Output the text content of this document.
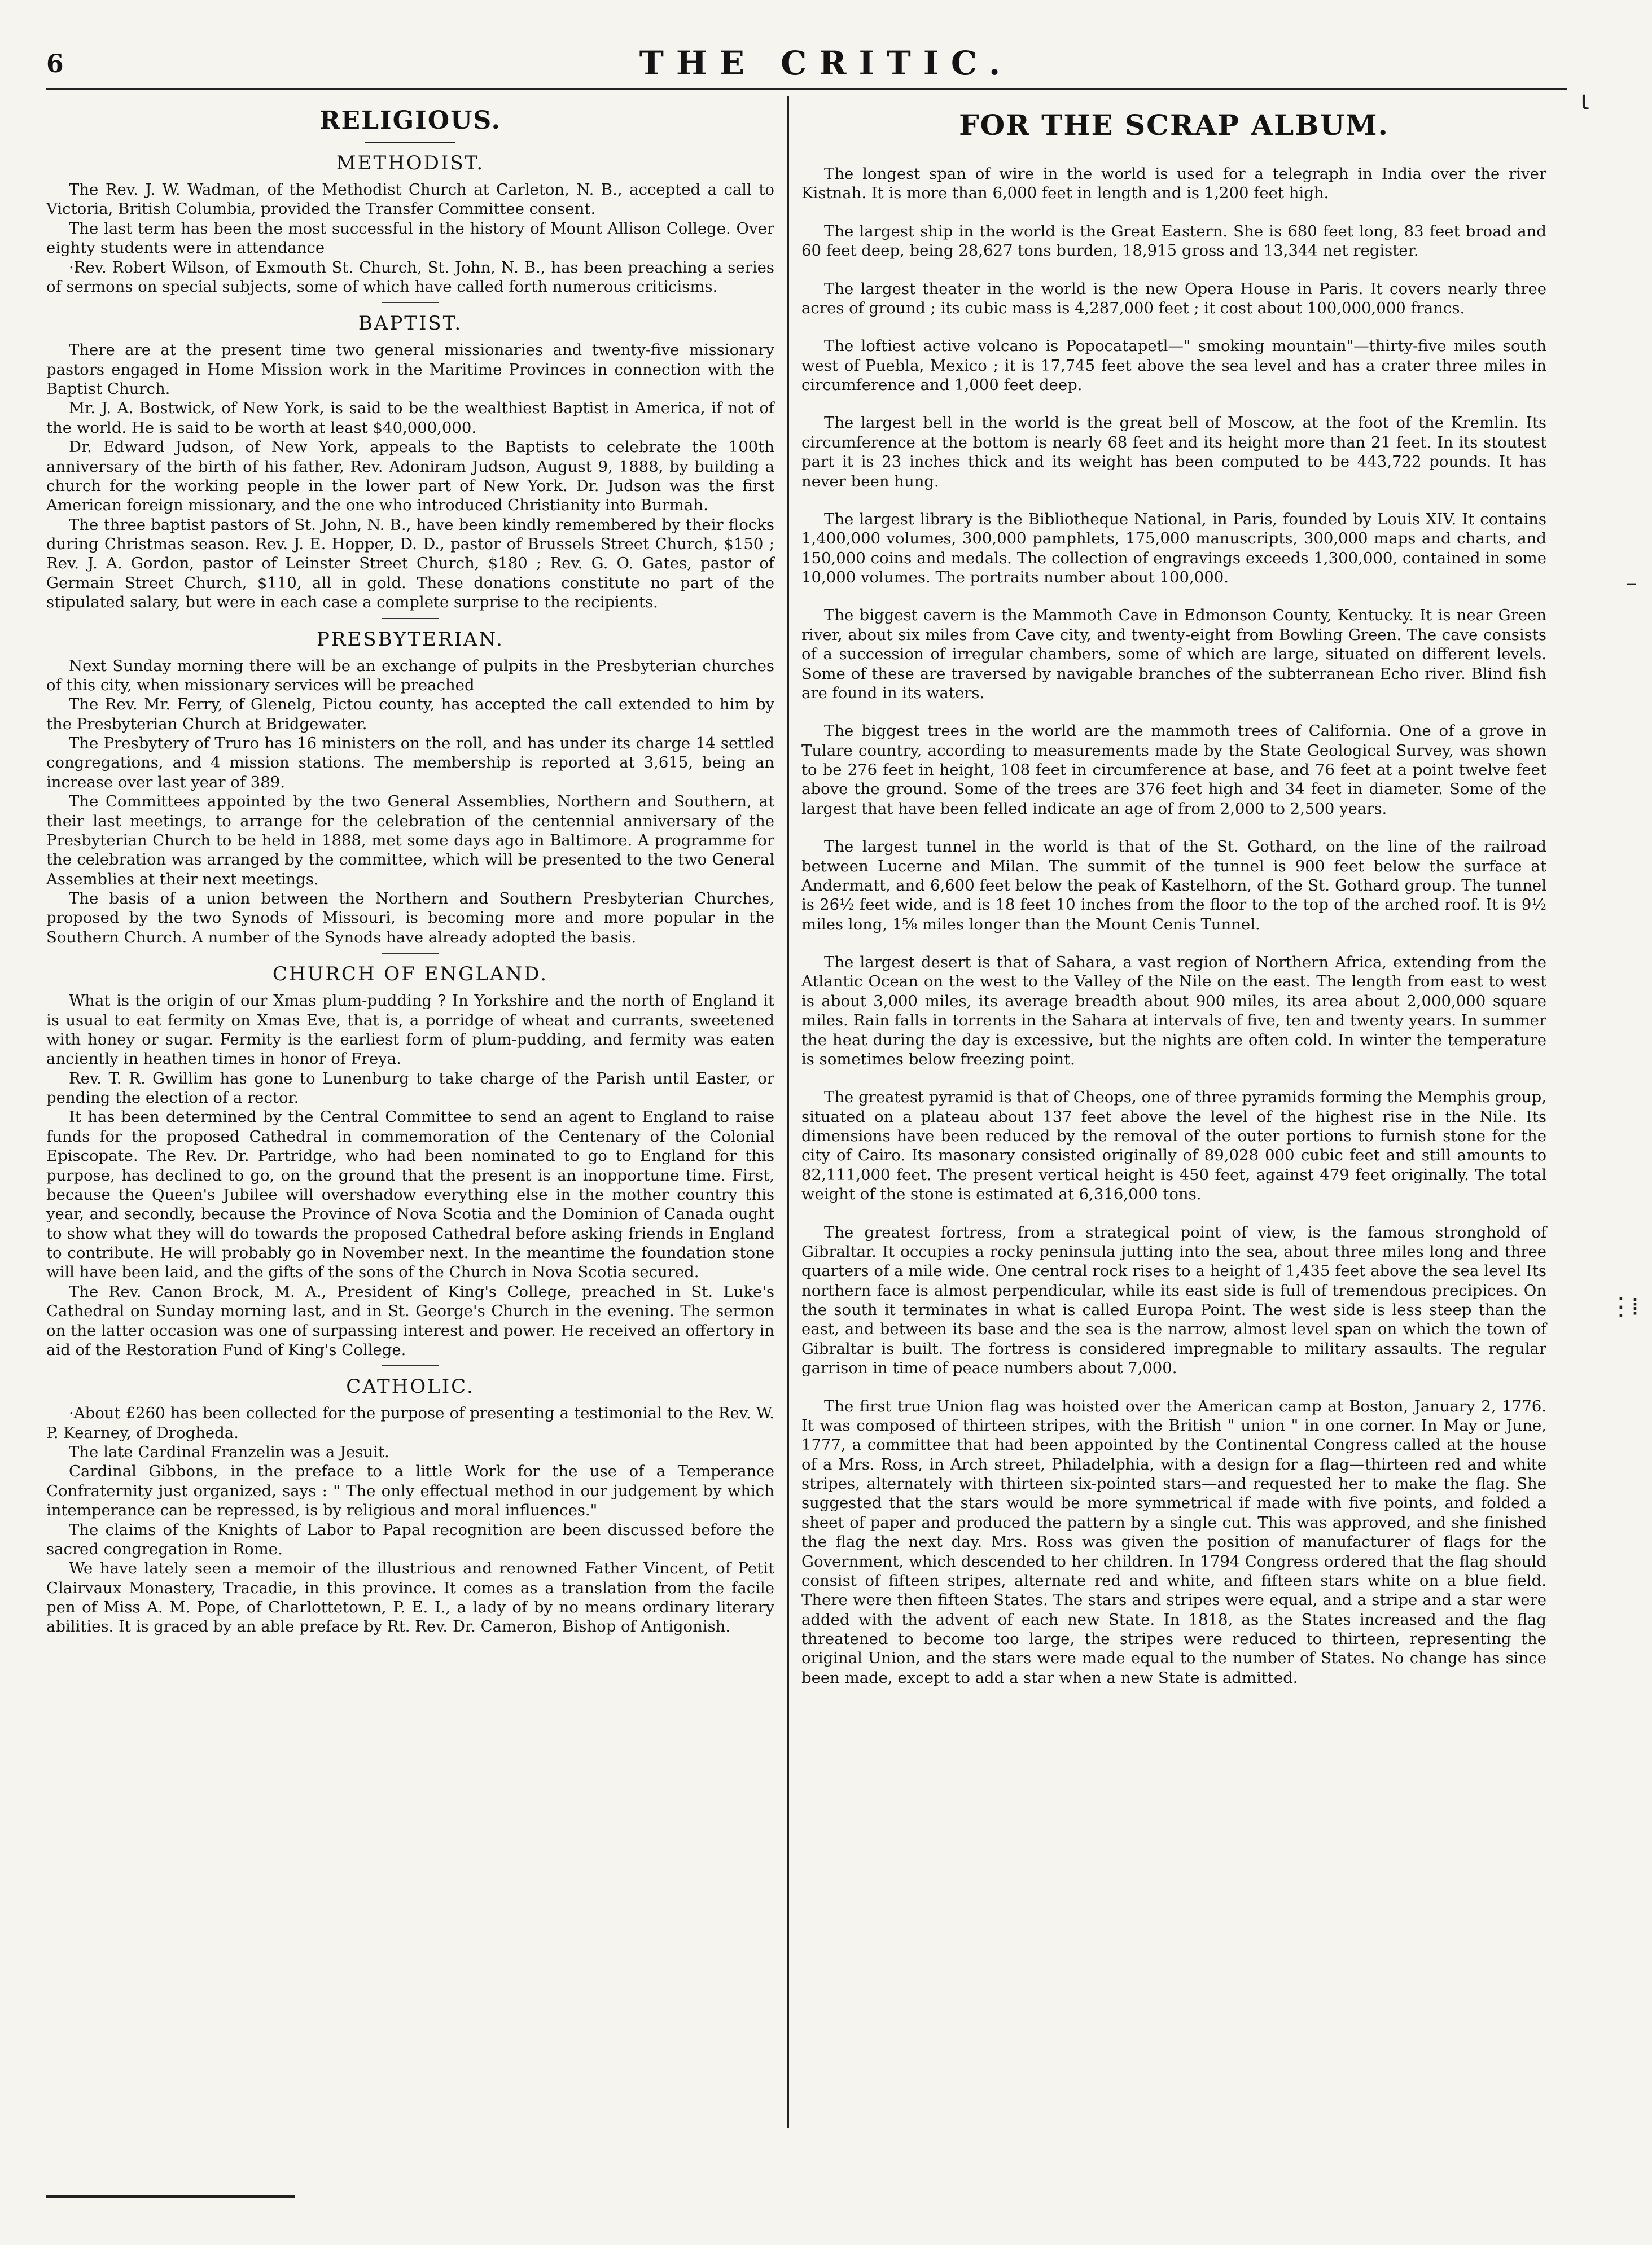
6	THE CRITIC.
RELIGIOUS.
METHODIST.

The Rev. J. W. Wadman, of the Methodist Church at Carleton, N. B., accepted a call to Victoria, British Columbia, provided the Transfer Committee consent.

The last term has been the most successful in the history of Mount Allison College. Over eighty students were in attendance

·Rev. Robert Wilson, of Exmouth St. Church, St. John, N. B., has been preaching a series of sermons on special subjects, some of which have called forth numerous criticisms.

BAPTIST.

There are at the present time two general missionaries and twenty-five missionary pastors engaged in Home Mission work in the Maritime Provinces in connection with the Baptist Church.

Mr. J. A. Bostwick, of New York, is said to be the wealthiest Baptist in America, if not of the world. He is said to be worth at least $40,000,000.

Dr. Edward Judson, of New York, appeals to the Baptists to celebrate the 100th anniversary of the birth of his father, Rev. Adoniram Judson, August 9, 1888, by building a church for the working people in the lower part of New York. Dr. Judson was the first American foreign missionary, and the one who introduced Christianity into Burmah.

The three baptist pastors of St. John, N. B., have been kindly remembered by their flocks during Christmas season. Rev. J. E. Hopper, D. D., pastor of Brussels Street Church, $150 ; Rev. J. A. Gordon, pastor of Leinster Street Church, $180 ; Rev. G. O. Gates, pastor of Germain Street Church, $110, all in gold. These donations constitute no part of the stipulated salary, but were in each case a complete surprise to the recipients.

PRESBYTERIAN.

Next Sunday morning there will be an exchange of pulpits in the Presbyterian churches of this city, when missionary services will be preached

The Rev. Mr. Ferry, of Glenelg, Pictou county, has accepted the call extended to him by the Presbyterian Church at Bridgewater.

The Presbytery of Truro has 16 ministers on the roll, and has under its charge 14 settled congregations, and 4 mission stations. The membership is reported at 3,615, being an increase over last year of 389.

The Committees appointed by the two General Assemblies, Northern and Southern, at their last meetings, to arrange for the celebration of the centennial anniversary of the Presbyterian Church to be held in 1888, met some days ago in Baltimore. A programme for the celebration was arranged by the committee, which will be presented to the two General Assemblies at their next meetings.

The basis of a union between the Northern and Southern Presbyterian Churches, proposed by the two Synods of Missouri, is becoming more and more popular in the Southern Church. A number of the Synods have already adopted the basis.

CHURCH OF ENGLAND.

What is the origin of our Xmas plum-pudding ? In Yorkshire and the north of England it is usual to eat fermity on Xmas Eve, that is, a porridge of wheat and currants, sweetened with honey or sugar. Fermity is the earliest form of plum-pudding, and fermity was eaten anciently in heathen times in honor of Freya.

Rev. T. R. Gwillim has gone to Lunenburg to take charge of the Parish until Easter, or pending the election of a rector.

It has been determined by the Central Committee to send an agent to England to raise funds for the proposed Cathedral in commemoration of the Centenary of the Colonial Episcopate. The Rev. Dr. Partridge, who had been nominated to go to England for this purpose, has declined to go, on the ground that the present is an inopportune time. First, because the Queen's Jubilee will overshadow everything else in the mother country this year, and secondly, because the Province of Nova Scotia and the Dominion of Canada ought to show what they will do towards the proposed Cathedral before asking friends in England to contribute. He will probably go in November next. In the meantime the foundation stone will have been laid, and the gifts of the sons of the Church in Nova Scotia secured.

The Rev. Canon Brock, M. A., President of King's College, preached in St. Luke's Cathedral on Sunday morning last, and in St. George's Church in the evening. The sermon on the latter occasion was one of surpassing interest and power. He received an offertory in aid of the Restoration Fund of King's College.

CATHOLIC.

·About £260 has been collected for the purpose of presenting a testimonial to the Rev. W. P. Kearney, of Drogheda.

The late Cardinal Franzelin was a Jesuit.

Cardinal Gibbons, in the preface to a little Work for the use of a Temperance Confraternity just organized, says : " The only effectual method in our judgement by which intemperance can be repressed, is by religious and moral influences."

The claims of the Knights of Labor to Papal recognition are been discussed before the sacred congregation in Rome.

We have lately seen a memoir of the illustrious and renowned Father Vincent, of Petit Clairvaux Monastery, Tracadie, in this province. It comes as a translation from the facile pen of Miss A. M. Pope, of Charlottetown, P. E. I., a lady of by no means ordinary literary abilities. It is graced by an able preface by Rt. Rev. Dr. Cameron, Bishop of Antigonish.

FOR THE SCRAP ALBUM.

The longest span of wire in the world is used for a telegraph in India over the river Kistnah. It is more than 6,000 feet in length and is 1,200 feet high.

The largest ship in the world is the Great Eastern. She is 680 feet long, 83 feet broad and 60 feet deep, being 28,627 tons burden, 18,915 gross and 13,344 net register.

The largest theater in the world is the new Opera House in Paris. It covers nearly three acres of ground ; its cubic mass is 4,287,000 feet ; it cost about 100,000,000 francs.

The loftiest active volcano is Popocatapetl—" smoking mountain"—thirty-five miles south west of Puebla, Mexico ; it is 17,745 feet above the sea level and has a crater three miles in circumference and 1,000 feet deep.

The largest bell in the world is the great bell of Moscow, at the foot of the Kremlin. Its circumference at the bottom is nearly 68 feet and its height more than 21 feet. In its stoutest part it is 23 inches thick and its weight has been computed to be 443,722 pounds. It has never been hung.

The largest library is the Bibliotheque National, in Paris, founded by Louis XIV. It contains 1,400,000 volumes, 300,000 pamphlets, 175,000 manuscripts, 300,000 maps and charts, and 150,000 coins and medals. The collection of engravings exceeds 1,300,000, contained in some 10,000 volumes. The portraits number about 100,000.

The biggest cavern is the Mammoth Cave in Edmonson County, Kentucky. It is near Green river, about six miles from Cave city, and twenty-eight from Bowling Green. The cave consists of a succession of irregular chambers, some of which are large, situated on different levels. Some of these are traversed by navigable branches of the subterranean Echo river. Blind fish are found in its waters.

The biggest trees in the world are the mammoth trees of California. One of a grove in Tulare country, according to measurements made by the State Geological Survey, was shown to be 276 feet in height, 108 feet in circumference at base, and 76 feet at a point twelve feet above the ground. Some of the trees are 376 feet high and 34 feet in diameter. Some of the largest that have been felled indicate an age of from 2,000 to 2,500 years.

The largest tunnel in the world is that of the St. Gothard, on the line of the railroad between Lucerne and Milan. The summit of the tunnel is 900 feet below the surface at Andermatt, and 6,600 feet below the peak of Kastelhorn, of the St. Gothard group. The tunnel is 26½ feet wide, and is 18 feet 10 inches from the floor to the top of the arched roof. It is 9½ miles long, 1⅝ miles longer than the Mount Cenis Tunnel.

The largest desert is that of Sahara, a vast region of Northern Africa, extending from the Atlantic Ocean on the west to the Valley of the Nile on the east. The length from east to west is about 3,000 miles, its average breadth about 900 miles, its area about 2,000,000 square miles. Rain falls in torrents in the Sahara at intervals of five, ten and twenty years. In summer the heat during the day is excessive, but the nights are often cold. In winter the temperature is sometimes below freezing point.

The greatest pyramid is that of Cheops, one of three pyramids forming the Memphis group, situated on a plateau about 137 feet above the level of the highest rise in the Nile. Its dimensions have been reduced by the removal of the outer portions to furnish stone for the city of Cairo. Its masonary consisted originally of 89,028 000 cubic feet and still amounts to 82,111,000 feet. The present vertical height is 450 feet, against 479 feet originally. The total weight of the stone is estimated at 6,316,000 tons.

The greatest fortress, from a strategical point of view, is the famous stronghold of Gibraltar. It occupies a rocky peninsula jutting into the sea, about three miles long and three quarters of a mile wide. One central rock rises to a height of 1,435 feet above the sea level Its northern face is almost perpendicular, while its east side is full of tremendous precipices. On the south it terminates in what is called Europa Point. The west side is less steep than the east, and between its base and the sea is the narrow, almost level span on which the town of Gibraltar is built. The fortress is considered impregnable to military assaults. The regular garrison in time of peace numbers about 7,000.

The first true Union flag was hoisted over the American camp at Boston, January 2, 1776. It was composed of thirteen stripes, with the British " union " in one corner. In May or June, 1777, a committee that had been appointed by the Continental Congress called at the house of a Mrs. Ross, in Arch street, Philadelphia, with a design for a flag—thirteen red and white stripes, alternately with thirteen six-pointed stars—and requested her to make the flag. She suggested that the stars would be more symmetrical if made with five points, and folded a sheet of paper and produced the pattern by a single cut. This was approved, and she finished the flag the next day. Mrs. Ross was given the position of manufacturer of flags for the Government, which descended to her children. In 1794 Congress ordered that the flag should consist of fifteen stripes, alternate red and white, and fifteen stars white on a blue field. There were then fifteen States. The stars and stripes were equal, and a stripe and a star were added with the advent of each new State. In 1818, as the States increased and the flag threatened to become too large, the stripes were reduced to thirteen, representing the original Union, and the stars were made equal to the number of States. No change has since been made, except to add a star when a new State is admitted.

ɩ
–
⋮⁞
